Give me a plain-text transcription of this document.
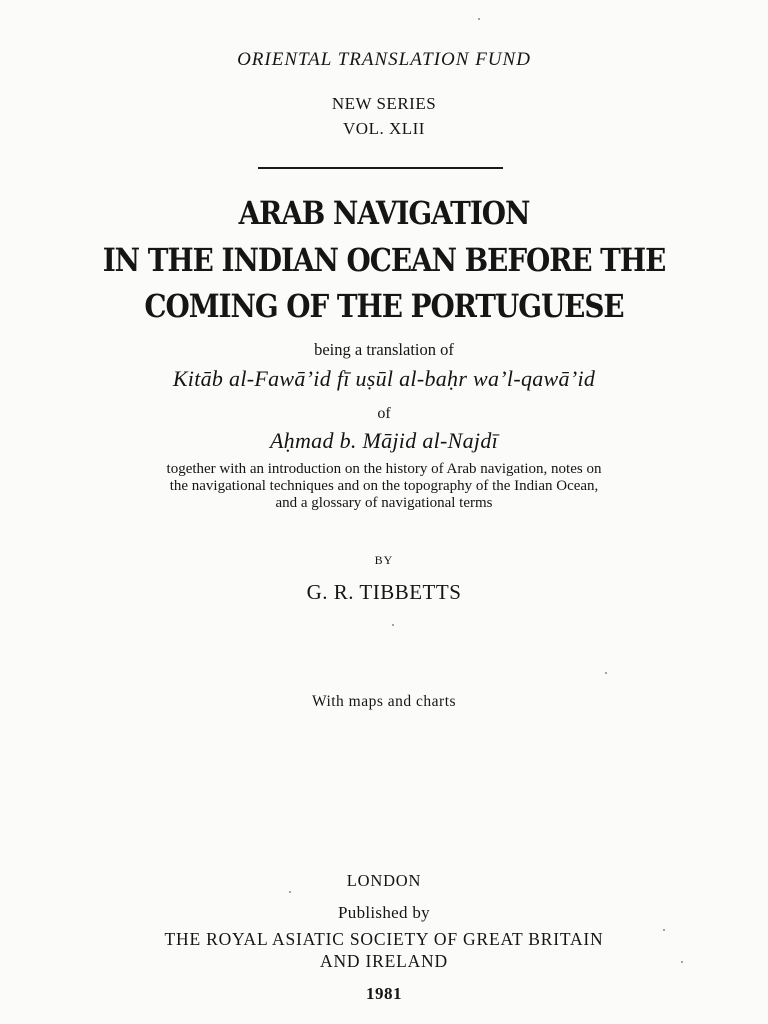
ORIENTAL TRANSLATION FUND

NEW SERIES

VOL. XLII

ARAB NAVIGATION

IN THE INDIAN OCEAN BEFORE THE

COMING OF THE PORTUGUESE

being a translation of

Kitāb al-Fawā’id fī uṣūl al-baḥr wa’l-qawā’id

of

Aḥmad b. Mājid al-Najdī

together with an introduction on the history of Arab navigation, notes on

the navigational techniques and on the topography of the Indian Ocean,

and a glossary of navigational terms

BY

G. R. TIBBETTS

With maps and charts

LONDON

Published by

THE ROYAL ASIATIC SOCIETY OF GREAT BRITAIN

AND IRELAND

1981
